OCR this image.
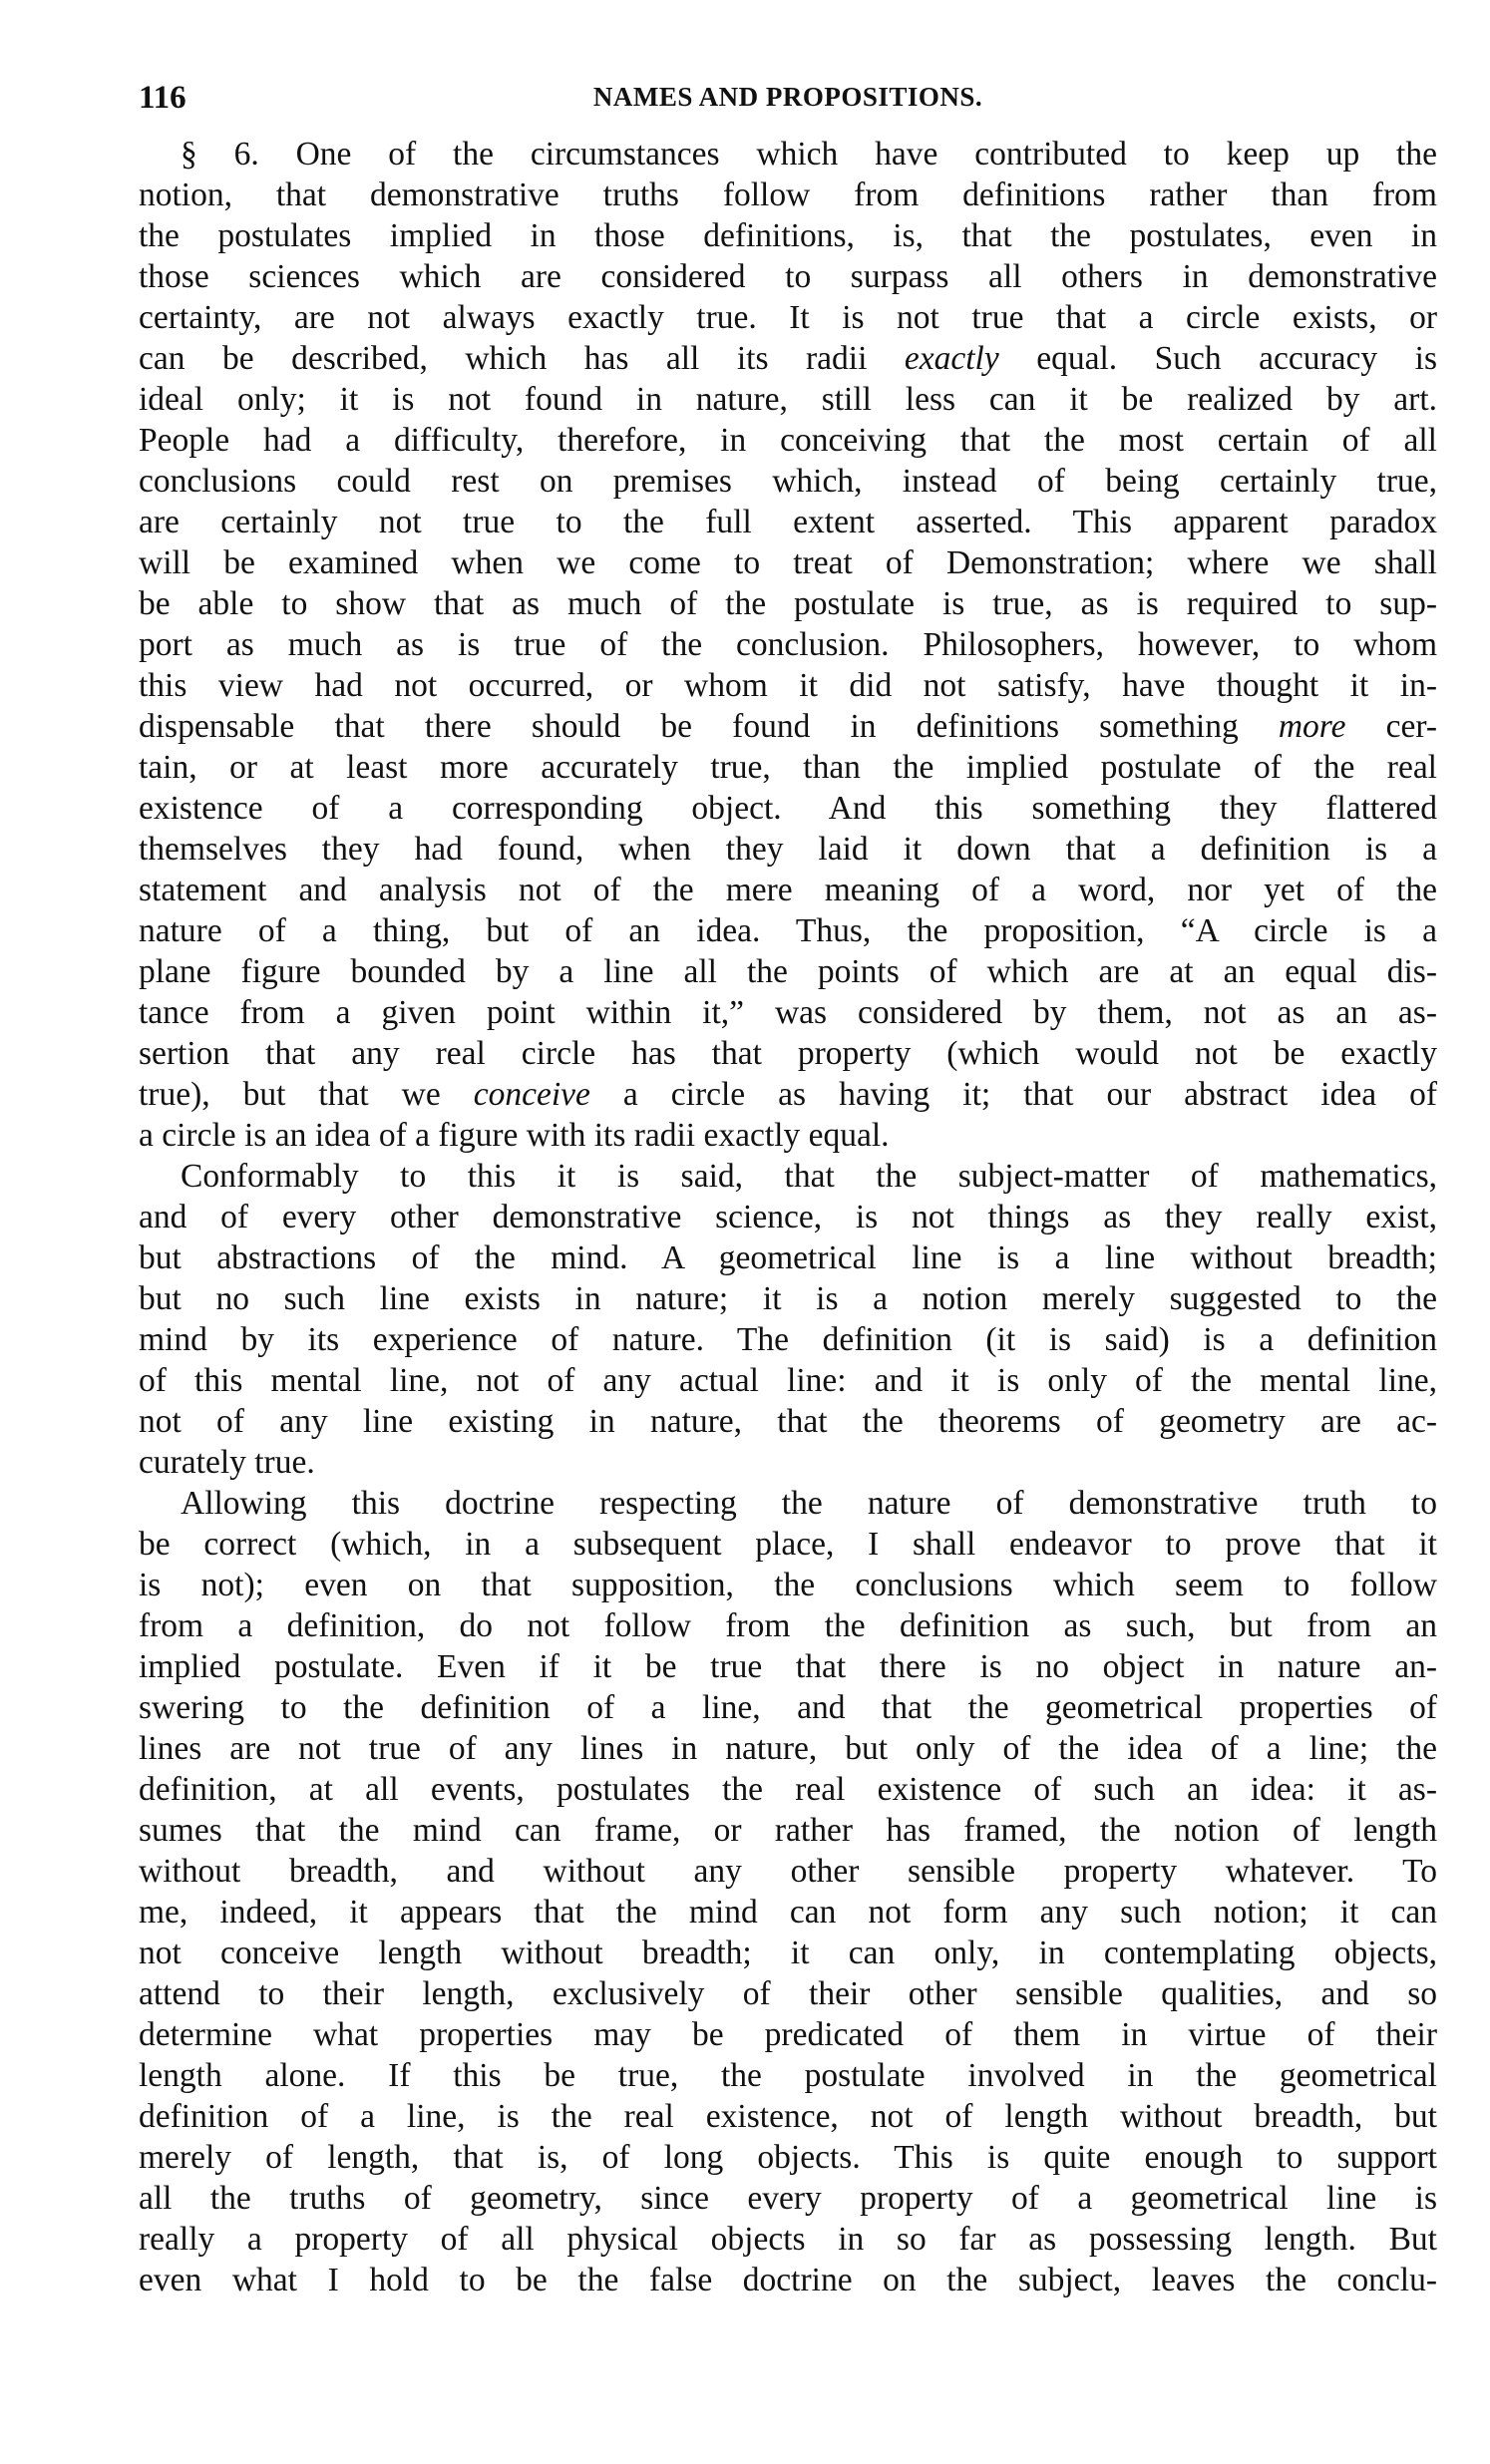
116	NAMES AND PROPOSITIONS.
§ 6. One of the circumstances which have contributed to keep up the
notion, that demonstrative truths follow from definitions rather than from
the postulates implied in those definitions, is, that the postulates, even in
those sciences which are considered to surpass all others in demonstrative
certainty, are not always exactly true. It is not true that a circle exists, or
can be described, which has all its radii exactly equal. Such accuracy is
ideal only; it is not found in nature, still less can it be realized by art.
People had a difficulty, therefore, in conceiving that the most certain of all
conclusions could rest on premises which, instead of being certainly true,
are certainly not true to the full extent asserted. This apparent paradox
will be examined when we come to treat of Demonstration; where we shall
be able to show that as much of the postulate is true, as is required to sup-
port as much as is true of the conclusion. Philosophers, however, to whom
this view had not occurred, or whom it did not satisfy, have thought it in-
dispensable that there should be found in definitions something more cer-
tain, or at least more accurately true, than the implied postulate of the real
existence of a corresponding object. And this something they flattered
themselves they had found, when they laid it down that a definition is a
statement and analysis not of the mere meaning of a word, nor yet of the
nature of a thing, but of an idea. Thus, the proposition, “A circle is a
plane figure bounded by a line all the points of which are at an equal dis-
tance from a given point within it,” was considered by them, not as an as-
sertion that any real circle has that property (which would not be exactly
true), but that we conceive a circle as having it; that our abstract idea of
a circle is an idea of a figure with its radii exactly equal.
Conformably to this it is said, that the subject-matter of mathematics,
and of every other demonstrative science, is not things as they really exist,
but abstractions of the mind. A geometrical line is a line without breadth;
but no such line exists in nature; it is a notion merely suggested to the
mind by its experience of nature. The definition (it is said) is a definition
of this mental line, not of any actual line: and it is only of the mental line,
not of any line existing in nature, that the theorems of geometry are ac-
curately true.
Allowing this doctrine respecting the nature of demonstrative truth to
be correct (which, in a subsequent place, I shall endeavor to prove that it
is not); even on that supposition, the conclusions which seem to follow
from a definition, do not follow from the definition as such, but from an
implied postulate. Even if it be true that there is no object in nature an-
swering to the definition of a line, and that the geometrical properties of
lines are not true of any lines in nature, but only of the idea of a line; the
definition, at all events, postulates the real existence of such an idea: it as-
sumes that the mind can frame, or rather has framed, the notion of length
without breadth, and without any other sensible property whatever. To
me, indeed, it appears that the mind can not form any such notion; it can
not conceive length without breadth; it can only, in contemplating objects,
attend to their length, exclusively of their other sensible qualities, and so
determine what properties may be predicated of them in virtue of their
length alone. If this be true, the postulate involved in the geometrical
definition of a line, is the real existence, not of length without breadth, but
merely of length, that is, of long objects. This is quite enough to support
all the truths of geometry, since every property of a geometrical line is
really a property of all physical objects in so far as possessing length. But
even what I hold to be the false doctrine on the subject, leaves the conclu-
